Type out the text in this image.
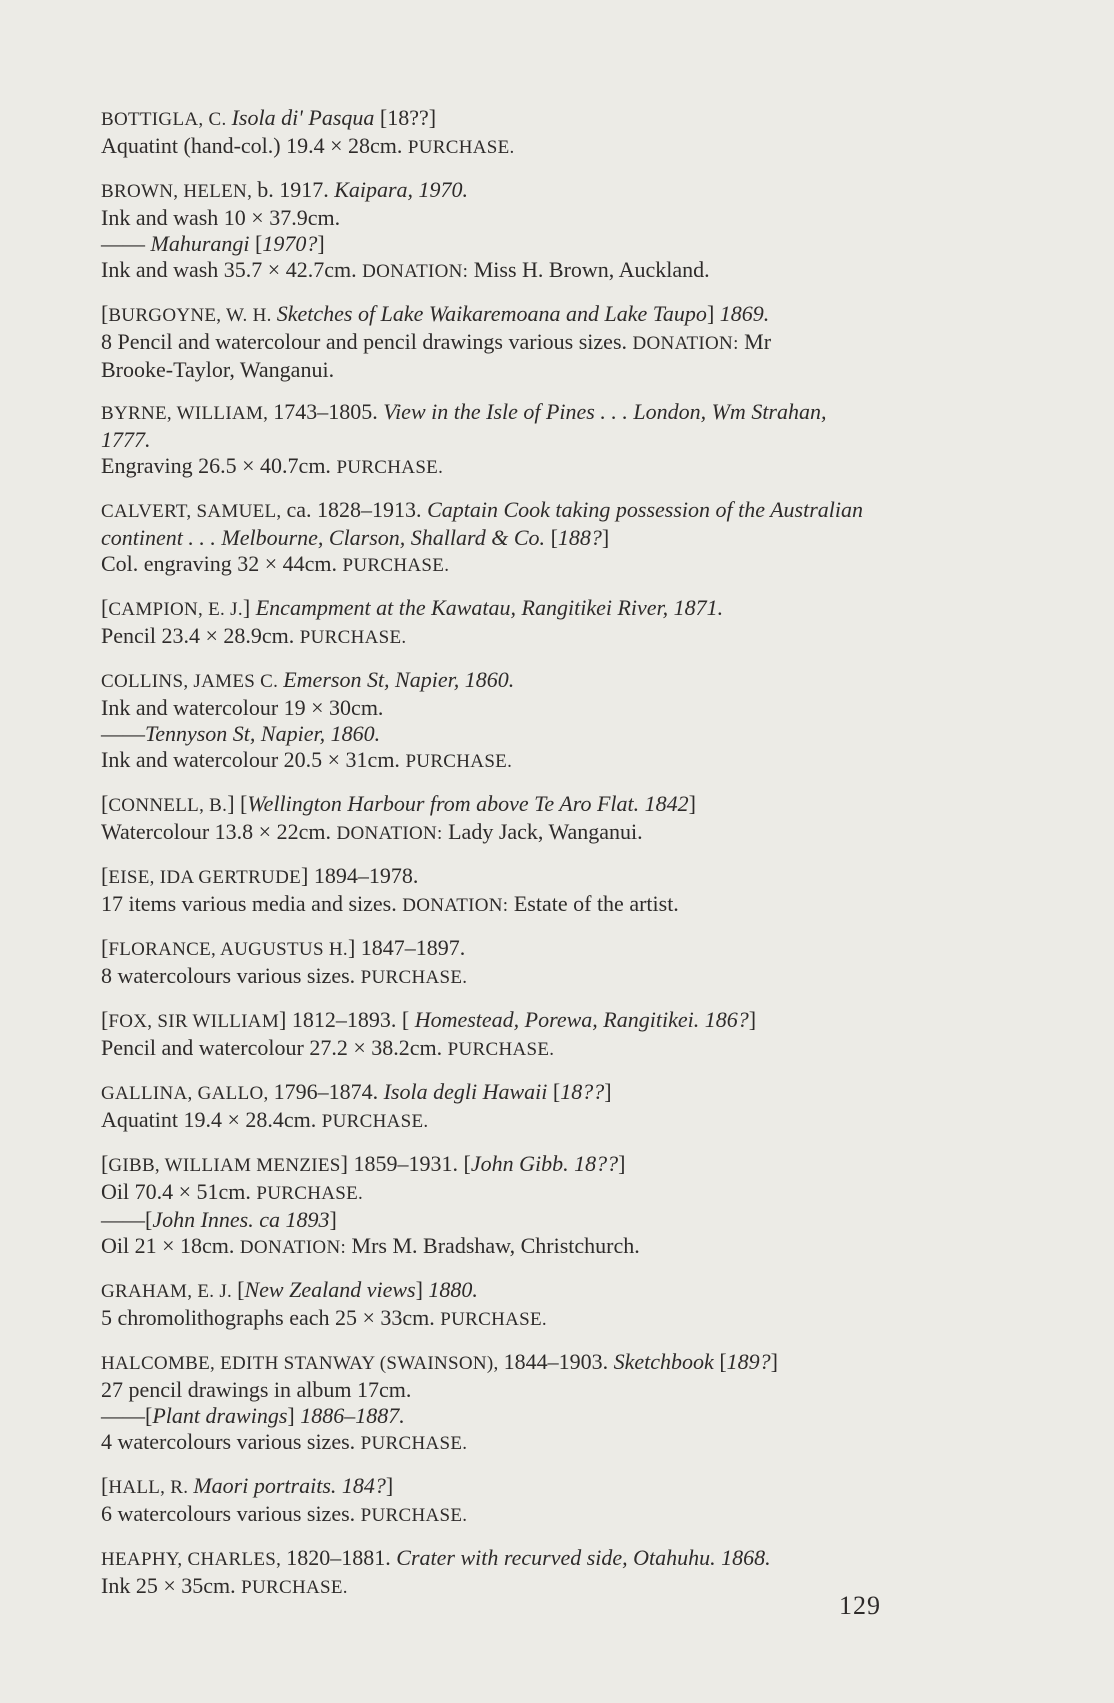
BOTTIGLA, C. Isola di' Pasqua [18??]
Aquatint (hand-col.) 19.4 × 28cm. PURCHASE.
BROWN, HELEN, b. 1917. Kaipara, 1970.
Ink and wash 10 × 37.9cm.
—— Mahurangi [1970?]
Ink and wash 35.7 × 42.7cm. DONATION: Miss H. Brown, Auckland.
[BURGOYNE, W. H. Sketches of Lake Waikaremoana and Lake Taupo] 1869.
8 Pencil and watercolour and pencil drawings various sizes. DONATION: Mr
Brooke-Taylor, Wanganui.
BYRNE, WILLIAM, 1743–1805. View in the Isle of Pines . . . London, Wm Strahan,
1777.
Engraving 26.5 × 40.7cm. PURCHASE.
CALVERT, SAMUEL, ca. 1828–1913. Captain Cook taking possession of the Australian
continent . . . Melbourne, Clarson, Shallard & Co. [188?]
Col. engraving 32 × 44cm. PURCHASE.
[CAMPION, E. J.] Encampment at the Kawatau, Rangitikei River, 1871.
Pencil 23.4 × 28.9cm. PURCHASE.
COLLINS, JAMES C. Emerson St, Napier, 1860.
Ink and watercolour 19 × 30cm.
——Tennyson St, Napier, 1860.
Ink and watercolour 20.5 × 31cm. PURCHASE.
[CONNELL, B.] [Wellington Harbour from above Te Aro Flat. 1842]
Watercolour 13.8 × 22cm. DONATION: Lady Jack, Wanganui.
[EISE, IDA GERTRUDE] 1894–1978.
17 items various media and sizes. DONATION: Estate of the artist.
[FLORANCE, AUGUSTUS H.] 1847–1897.
8 watercolours various sizes. PURCHASE.
[FOX, SIR WILLIAM] 1812–1893. [ Homestead, Porewa, Rangitikei. 186?]
Pencil and watercolour 27.2 × 38.2cm. PURCHASE.
GALLINA, GALLO, 1796–1874. Isola degli Hawaii [18??]
Aquatint 19.4 × 28.4cm. PURCHASE.
[GIBB, WILLIAM MENZIES] 1859–1931. [John Gibb. 18??]
Oil 70.4 × 51cm. PURCHASE.
——[John Innes. ca 1893]
Oil 21 × 18cm. DONATION: Mrs M. Bradshaw, Christchurch.
GRAHAM, E. J. [New Zealand views] 1880.
5 chromolithographs each 25 × 33cm. PURCHASE.
HALCOMBE, EDITH STANWAY (SWAINSON), 1844–1903. Sketchbook [189?]
27 pencil drawings in album 17cm.
——[Plant drawings] 1886–1887.
4 watercolours various sizes. PURCHASE.
[HALL, R. Maori portraits. 184?]
6 watercolours various sizes. PURCHASE.
HEAPHY, CHARLES, 1820–1881. Crater with recurved side, Otahuhu. 1868.
Ink 25 × 35cm. PURCHASE.
129
